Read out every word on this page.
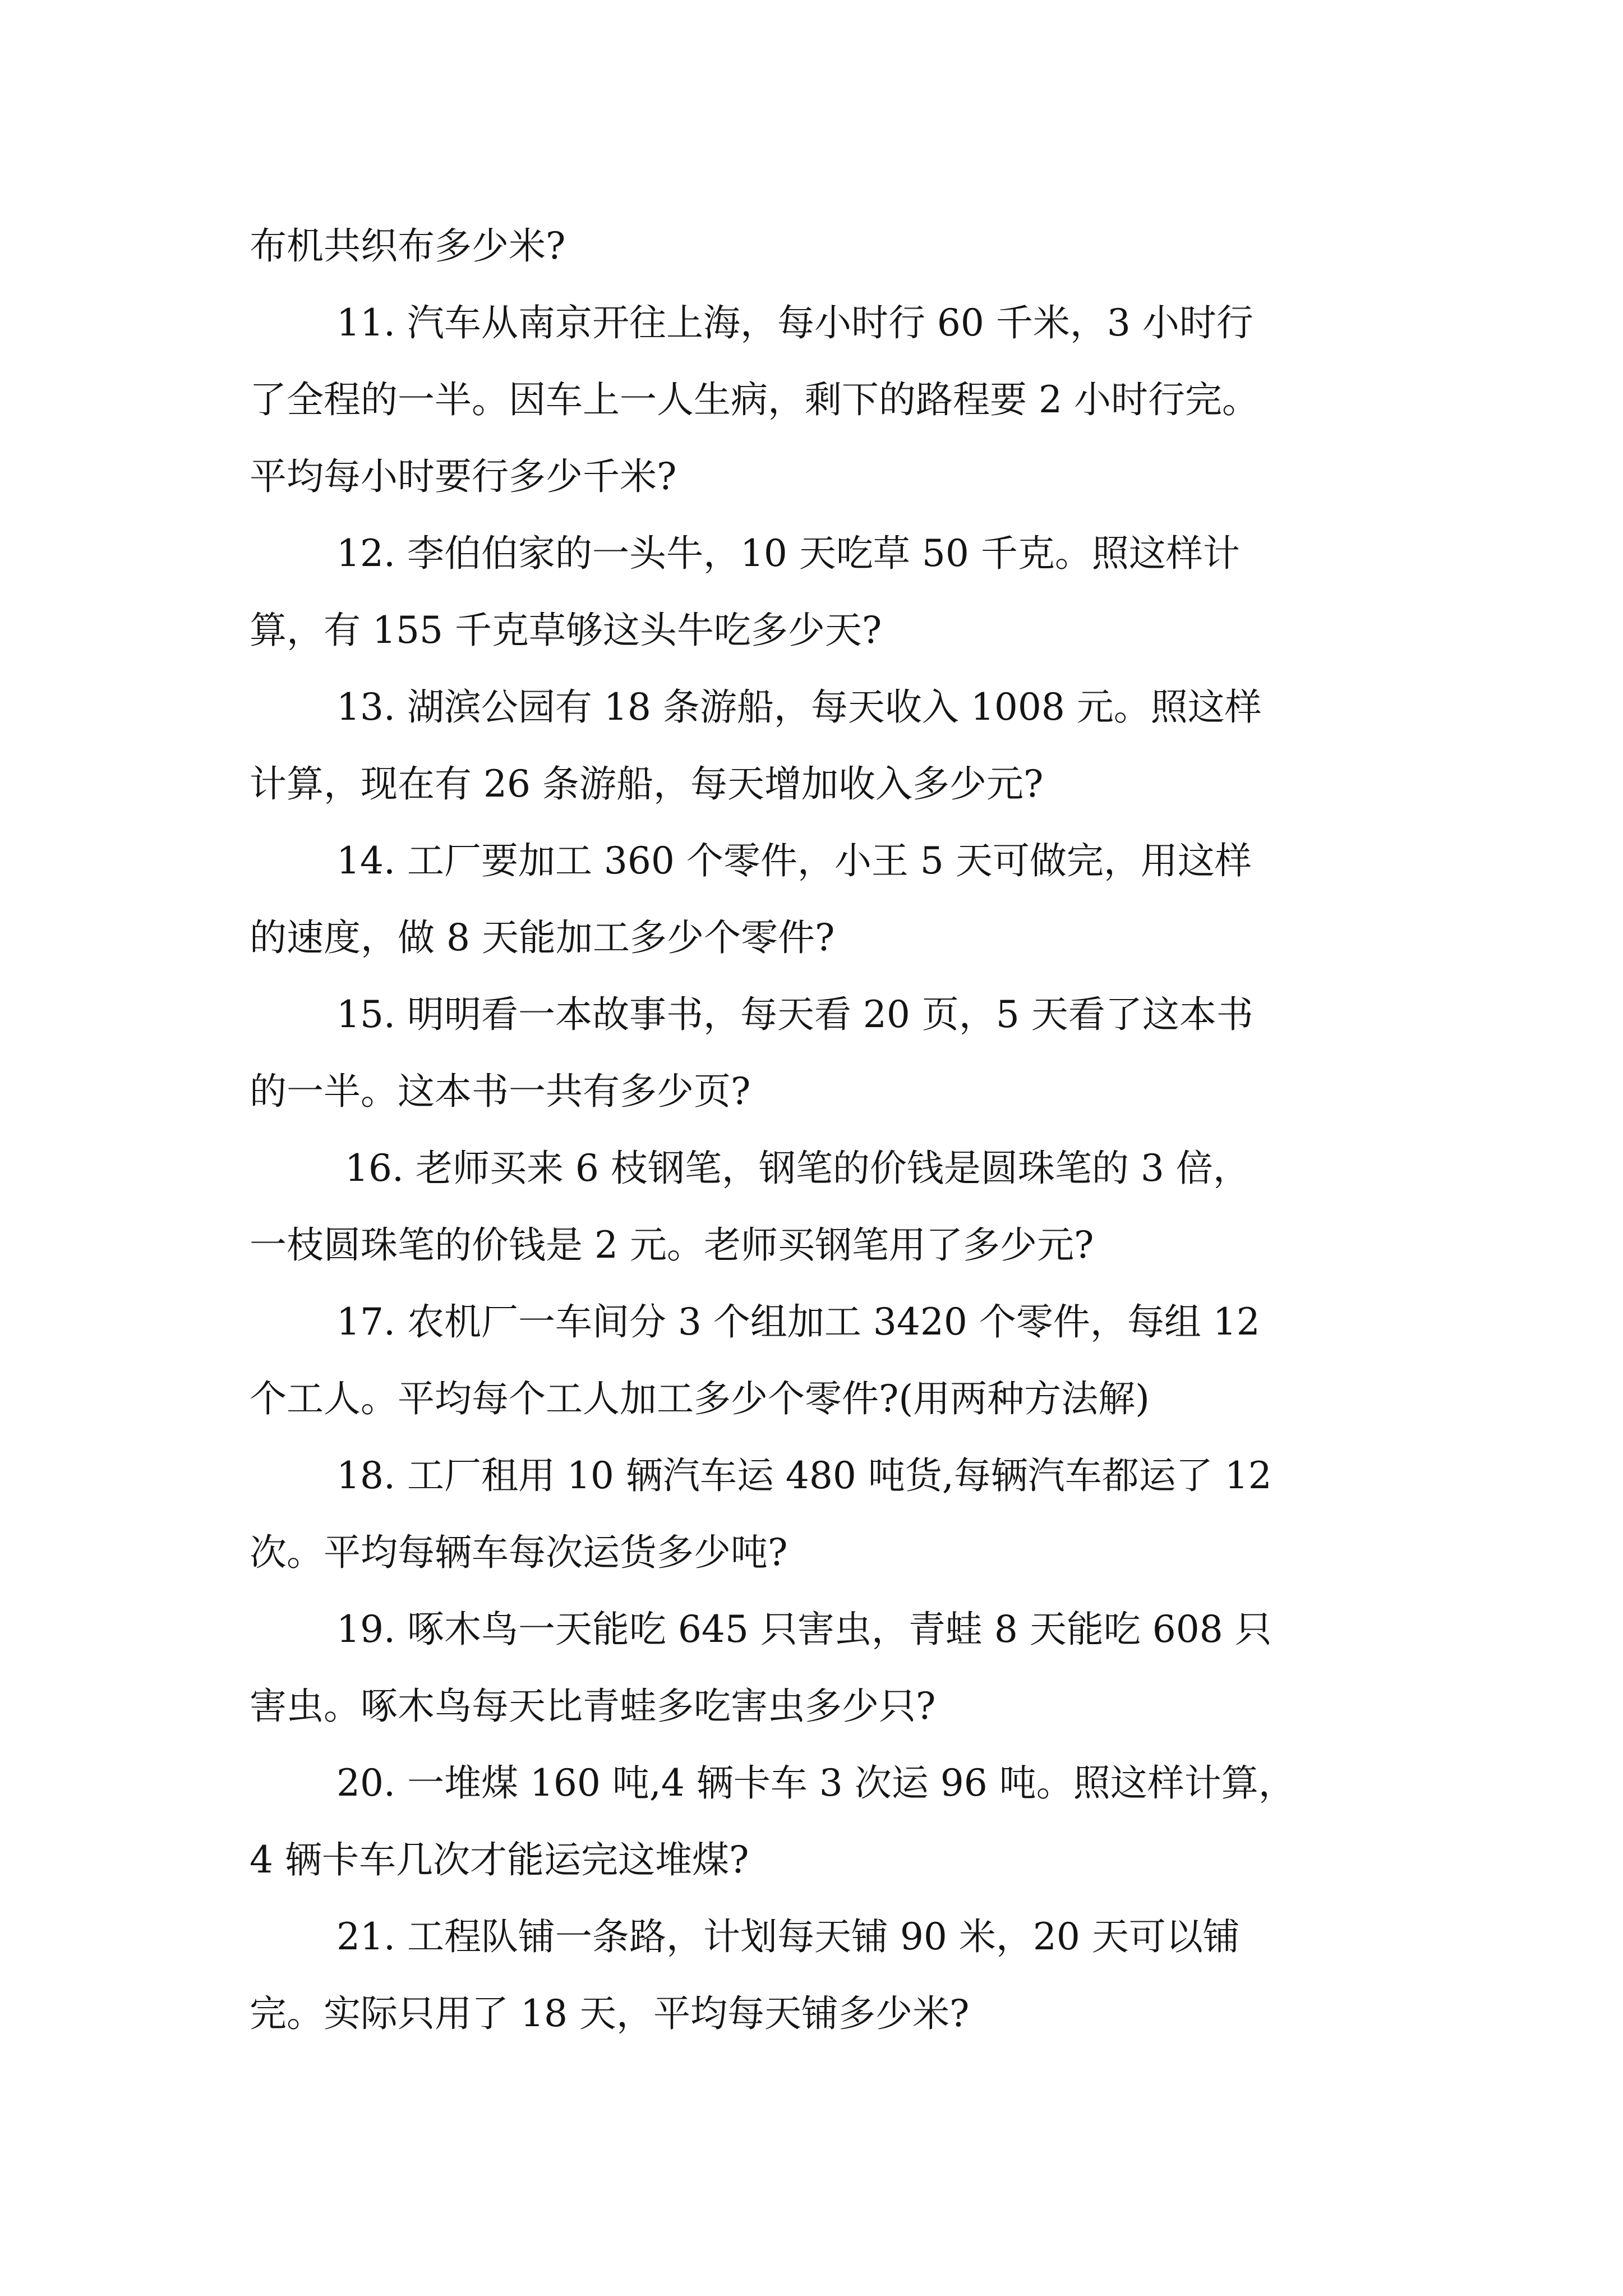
布机共织布多少米?
11. 汽车从南京开往上海，每小时行 60 千米，3 小时行
了全程的一半。因车上一人生病，剩下的路程要 2 小时行完。
平均每小时要行多少千米?
12. 李伯伯家的一头牛，10 天吃草 50 千克。照这样计
算，有 155 千克草够这头牛吃多少天?
13. 湖滨公园有 18 条游船，每天收入 1008 元。照这样
计算，现在有 26 条游船，每天增加收入多少元?
14. 工厂要加工 360 个零件，小王 5 天可做完，用这样
的速度，做 8 天能加工多少个零件?
15. 明明看一本故事书，每天看 20 页，5 天看了这本书
的一半。这本书一共有多少页?
16. 老师买来 6 枝钢笔，钢笔的价钱是圆珠笔的 3 倍，
一枝圆珠笔的价钱是 2 元。老师买钢笔用了多少元?
17. 农机厂一车间分 3 个组加工 3420 个零件，每组 12
个工人。平均每个工人加工多少个零件?(用两种方法解)
18. 工厂租用 10 辆汽车运 480 吨货,每辆汽车都运了 12
次。平均每辆车每次运货多少吨?
19. 啄木鸟一天能吃 645 只害虫，青蛙 8 天能吃 608 只
害虫。啄木鸟每天比青蛙多吃害虫多少只?
20. 一堆煤 160 吨,4 辆卡车 3 次运 96 吨。照这样计算，
4 辆卡车几次才能运完这堆煤?
21. 工程队铺一条路，计划每天铺 90 米，20 天可以铺
完。实际只用了 18 天，平均每天铺多少米?
